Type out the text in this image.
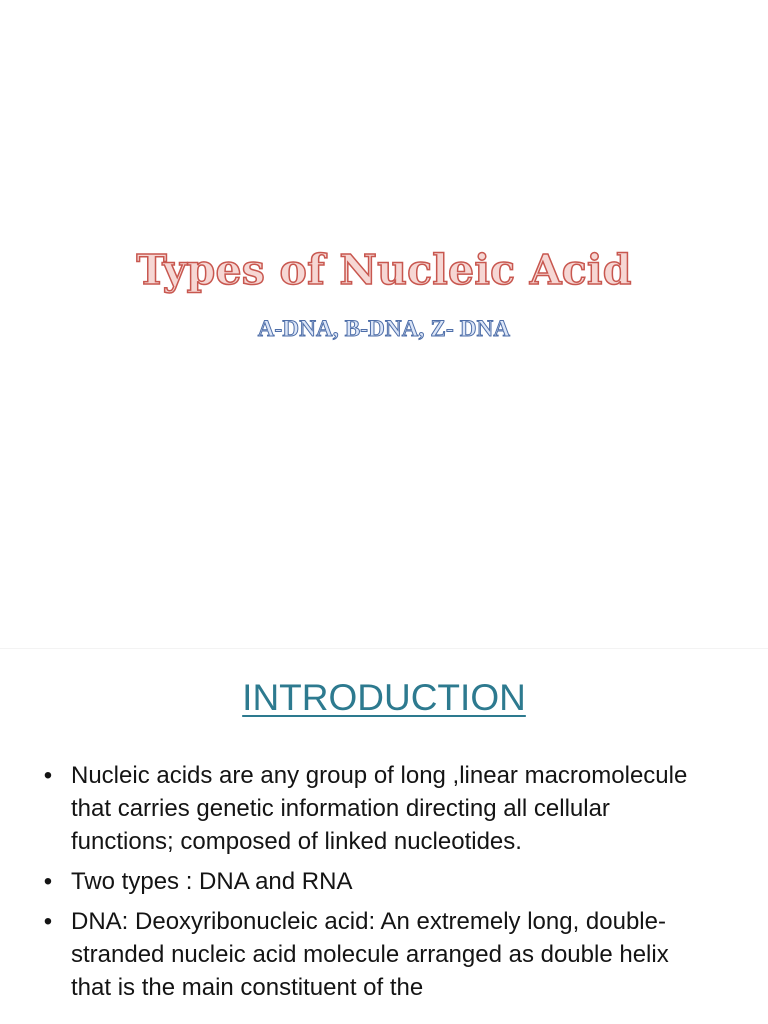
Types of Nucleic Acid
A-DNA, B-DNA, Z- DNA
INTRODUCTION
• Nucleic acids are any group of long ,linear macromolecule that carries genetic information directing all cellular functions; composed of linked nucleotides.
• Two types : DNA and RNA
• DNA: Deoxyribonucleic acid: An extremely long, double-stranded nucleic acid molecule arranged as double helix that is the main constituent of the
